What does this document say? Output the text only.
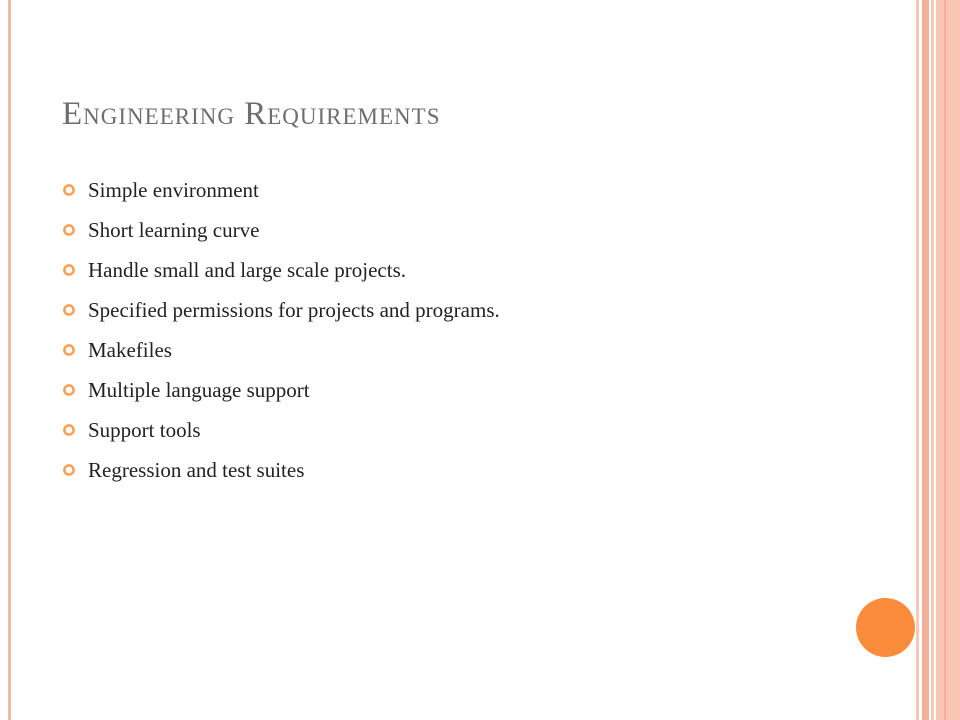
Engineering Requirements
Simple environment
Short learning curve
Handle small and large scale projects.
Specified permissions for projects and programs.
Makefiles
Multiple language support
Support tools
Regression and test suites
